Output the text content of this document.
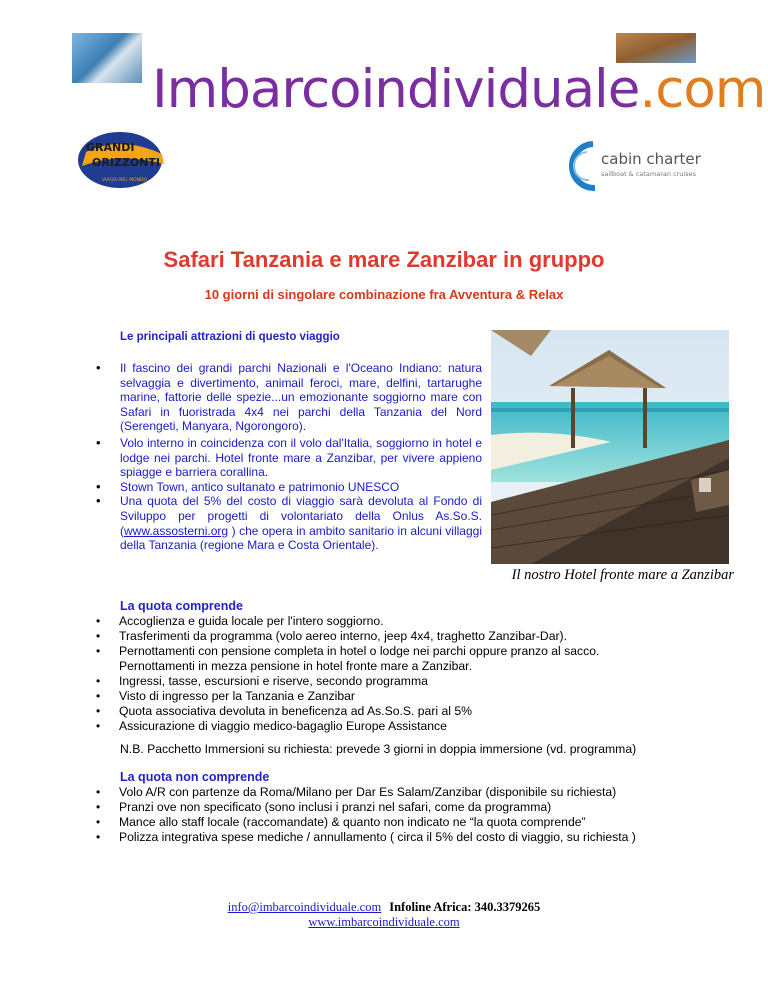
Imbarcoindividuale.com
GRANDI
ORIZZONTI
VIAGGI NEL MONDO
cabin charter
sailboat & catamaran cruises
Safari Tanzania e mare Zanzibar in gruppo
10 giorni di singolare combinazione fra Avventura & Relax
Le principali attrazioni di questo viaggio
• Il fascino dei grandi parchi Nazionali e l'Oceano Indiano: natura selvaggia e divertimento, animail feroci, mare, delfini, tartarughe marine, fattorie delle spezie...un emozionante soggiorno mare con Safari in fuoristrada 4x4 nei parchi della Tanzania del Nord (Serengeti, Manyara, Ngorongoro).
• Volo interno in coincidenza con il volo dal'Italia, soggiorno in hotel e lodge nei parchi. Hotel fronte mare a Zanzibar, per vivere appieno spiagge e barriera corallina.
• Stown Town, antico sultanato e patrimonio UNESCO
• Una quota del 5% del costo di viaggio sarà devoluta al Fondo di Sviluppo per progetti di volontariato della Onlus As.So.S. (www.assosterni.org ) che opera in ambito sanitario in alcuni villaggi della Tanzania (regione Mara e Costa Orientale).
Il nostro Hotel fronte mare a Zanzibar
La quota comprende
• Accoglienza e guida locale per l'intero soggiorno.
• Trasferimenti da programma (volo aereo interno, jeep 4x4, traghetto Zanzibar-Dar).
• Pernottamenti con pensione completa in hotel o lodge nei parchi oppure pranzo al sacco.
Pernottamenti in mezza pensione in hotel fronte mare a Zanzibar.
• Ingressi, tasse, escursioni e riserve, secondo programma
• Visto di ingresso per la Tanzania e Zanzibar
• Quota associativa devoluta in beneficenza ad As.So.S. pari al 5%
• Assicurazione di viaggio medico-bagaglio Europe Assistance
N.B. Pacchetto Immersioni su richiesta: prevede 3 giorni in doppia immersione (vd. programma)
La quota non comprende
• Volo A/R con partenze da Roma/Milano per Dar Es Salam/Zanzibar (disponibile su richiesta)
• Pranzi ove non specificato (sono inclusi i pranzi nel safari, come da programma)
• Mance allo staff locale (raccomandate) & quanto non indicato ne “la quota comprende”
• Polizza integrativa spese mediche / annullamento ( circa il 5% del costo di viaggio, su richiesta )
info@imbarcoindividuale.com Infoline Africa: 340.3379265
www.imbarcoindividuale.com
